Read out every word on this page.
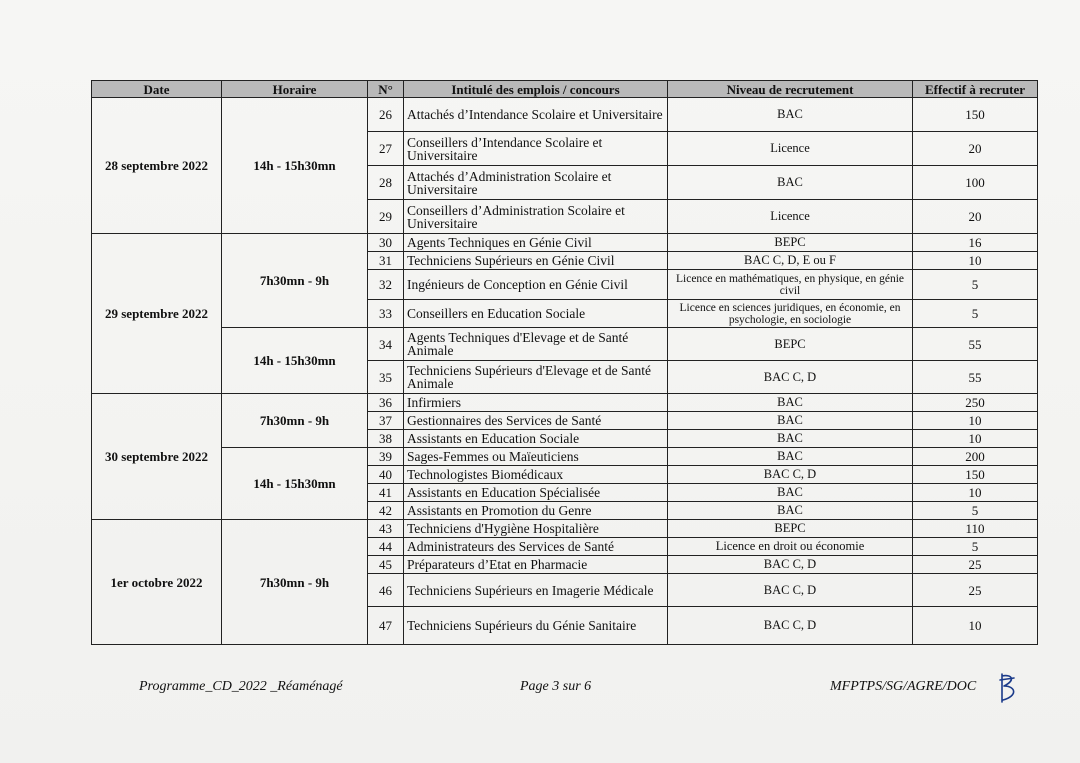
Date	Horaire	N°	Intitulé des emplois / concours	Niveau de recrutement	Effectif à recruter
28 septembre 2022	14h - 15h30mn	26	Attachés d’Intendance Scolaire et Universitaire	BAC	150
		27	Conseillers d’Intendance Scolaire et Universitaire	Licence	20
		28	Attachés d’Administration Scolaire et Universitaire	BAC	100
		29	Conseillers d’Administration Scolaire et Universitaire	Licence	20
29 septembre 2022	7h30mn - 9h	30	Agents Techniques en Génie Civil	BEPC	16
		31	Techniciens Supérieurs en Génie Civil	BAC C, D, E ou F	10
		32	Ingénieurs de Conception en Génie Civil	Licence en mathématiques, en physique, en génie civil	5
		33	Conseillers en Education Sociale	Licence en sciences juridiques, en économie, en psychologie, en sociologie	5
	14h - 15h30mn	34	Agents Techniques d'Elevage et de Santé Animale	BEPC	55
		35	Techniciens Supérieurs d'Elevage et de Santé Animale	BAC C, D	55
30 septembre 2022	7h30mn - 9h	36	Infirmiers	BAC	250
		37	Gestionnaires des Services de Santé	BAC	10
		38	Assistants en Education Sociale	BAC	10
	14h - 15h30mn	39	Sages-Femmes ou Maïeuticiens	BAC	200
		40	Technologistes Biomédicaux	BAC C, D	150
		41	Assistants en Education Spécialisée	BAC	10
		42	Assistants en Promotion du Genre	BAC	5
1er octobre 2022	7h30mn - 9h	43	Techniciens d'Hygiène Hospitalière	BEPC	110
		44	Administrateurs des Services de Santé	Licence en droit ou économie	5
		45	Préparateurs d’Etat en Pharmacie	BAC C, D	25
		46	Techniciens Supérieurs en Imagerie Médicale	BAC C, D	25
		47	Techniciens Supérieurs du Génie Sanitaire	BAC C, D	10
Programme_CD_2022 _Réaménagé	Page 3 sur 6	MFPTPS/SG/AGRE/DOC
